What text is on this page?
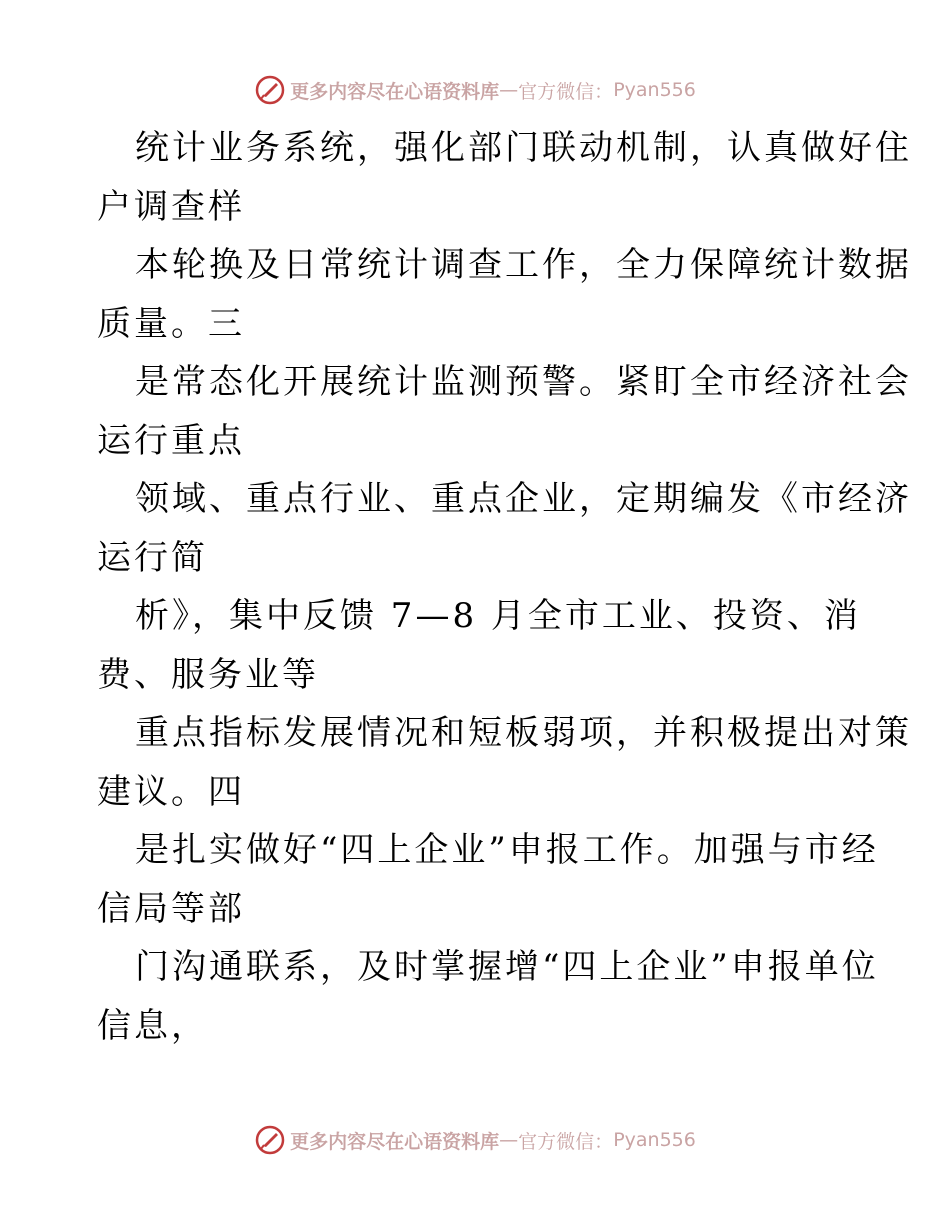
更多内容尽在心语资料库 — 官方微信： Pyan556
统计业务系统，强化部门联动机制，认真做好住
户调查样
本轮换及日常统计调查工作，全力保障统计数据
质量。三
是常态化开展统计监测预警。紧盯全市经济社会
运行重点
领域、重点行业、重点企业，定期编发《市经济
运行简
析》，集中反馈 7—8 月全市工业、投资、消
费、服务业等
重点指标发展情况和短板弱项，并积极提出对策
建议。四
是扎实做好“四上企业”申报工作。加强与市经
信局等部
门沟通联系，及时掌握增“四上企业”申报单位
信息，
更多内容尽在心语资料库 — 官方微信： Pyan556
